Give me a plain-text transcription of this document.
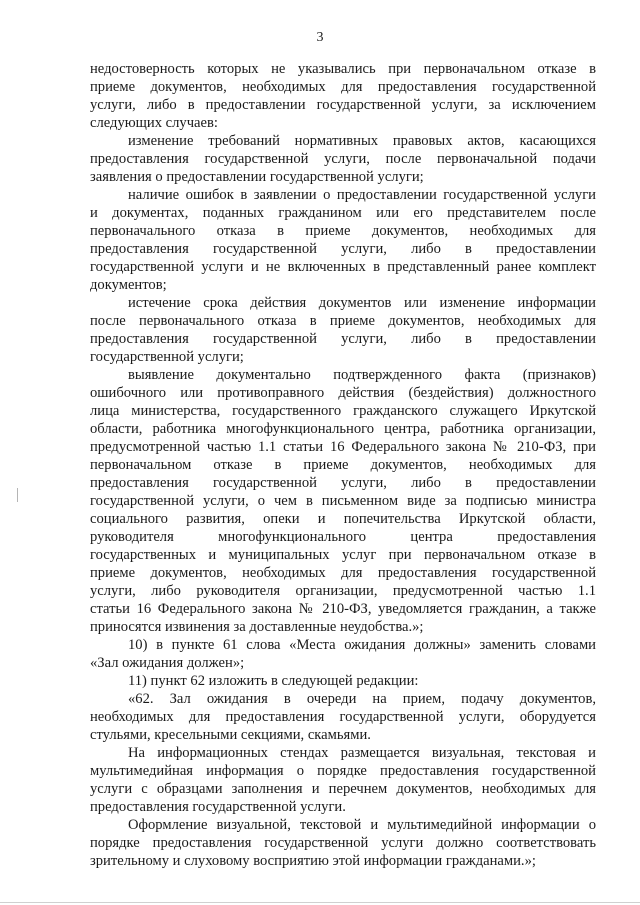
3
недостоверность которых не указывались при первоначальном отказе в
приеме документов, необходимых для предоставления государственной
услуги, либо в предоставлении государственной услуги, за исключением
следующих случаев:
изменение требований нормативных правовых актов, касающихся
предоставления государственной услуги, после первоначальной подачи
заявления о предоставлении государственной услуги;
наличие ошибок в заявлении о предоставлении государственной услуги
и документах, поданных гражданином или его представителем после
первоначального отказа в приеме документов, необходимых для
предоставления государственной услуги, либо в предоставлении
государственной услуги и не включенных в представленный ранее комплект
документов;
истечение срока действия документов или изменение информации
после первоначального отказа в приеме документов, необходимых для
предоставления государственной услуги, либо в предоставлении
государственной услуги;
выявление документально подтвержденного факта (признаков)
ошибочного или противоправного действия (бездействия) должностного
лица министерства, государственного гражданского служащего Иркутской
области, работника многофункционального центра, работника организации,
предусмотренной частью 1.1 статьи 16 Федерального закона № 210-ФЗ, при
первоначальном отказе в приеме документов, необходимых для
предоставления государственной услуги, либо в предоставлении
государственной услуги, о чем в письменном виде за подписью министра
социального развития, опеки и попечительства Иркутской области,
руководителя многофункционального центра предоставления
государственных и муниципальных услуг при первоначальном отказе в
приеме документов, необходимых для предоставления государственной
услуги, либо руководителя организации, предусмотренной частью 1.1
статьи 16 Федерального закона № 210-ФЗ, уведомляется гражданин, а также
приносятся извинения за доставленные неудобства.»;
10) в пункте 61 слова «Места ожидания должны» заменить словами
«Зал ожидания должен»;
11) пункт 62 изложить в следующей редакции:
«62. Зал ожидания в очереди на прием, подачу документов,
необходимых для предоставления государственной услуги, оборудуется
стульями, кресельными секциями, скамьями.
На информационных стендах размещается визуальная, текстовая и
мультимедийная информация о порядке предоставления государственной
услуги с образцами заполнения и перечнем документов, необходимых для
предоставления государственной услуги.
Оформление визуальной, текстовой и мультимедийной информации о
порядке предоставления государственной услуги должно соответствовать
зрительному и слуховому восприятию этой информации гражданами.»;
